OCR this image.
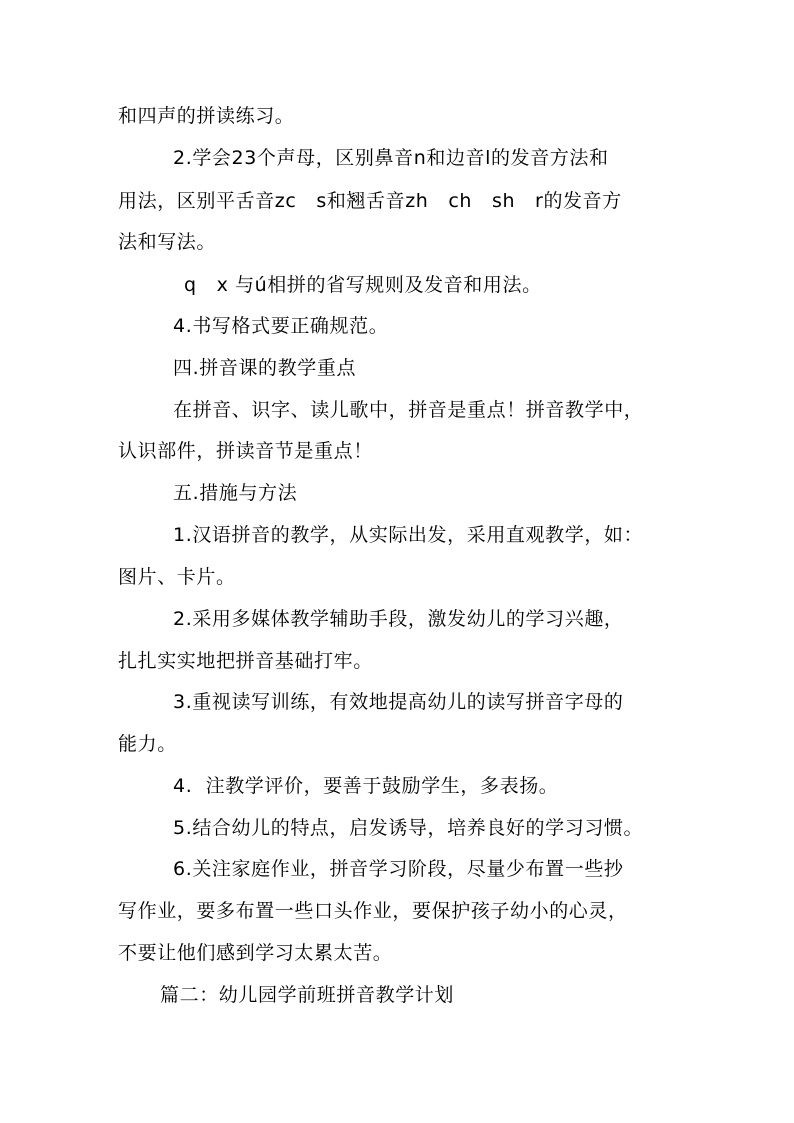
和四声的拼读练习。
2.学会23个声母，区别鼻音n和边音l的发音方法和
用法，区别平舌音zc   s和翘舌音zh   ch   sh   r的发音方
法和写法。
q   x 与ú相拼的省写规则及发音和用法。
4.书写格式要正确规范。
四.拼音课的教学重点
在拼音、识字、读儿歌中，拼音是重点！拼音教学中，
认识部件，拼读音节是重点！
五.措施与方法
1.汉语拼音的教学，从实际出发，采用直观教学，如：
图片、卡片。
2.采用多媒体教学辅助手段，激发幼儿的学习兴趣，
扎扎实实地把拼音基础打牢。
3.重视读写训练，有效地提高幼儿的读写拼音字母的
能力。
4.  注教学评价，要善于鼓励学生，多表扬。
5.结合幼儿的特点，启发诱导，培养良好的学习习惯。
6.关注家庭作业，拼音学习阶段，尽量少布置一些抄
写作业，要多布置一些口头作业，要保护孩子幼小的心灵，
不要让他们感到学习太累太苦。
篇二：幼儿园学前班拼音教学计划
